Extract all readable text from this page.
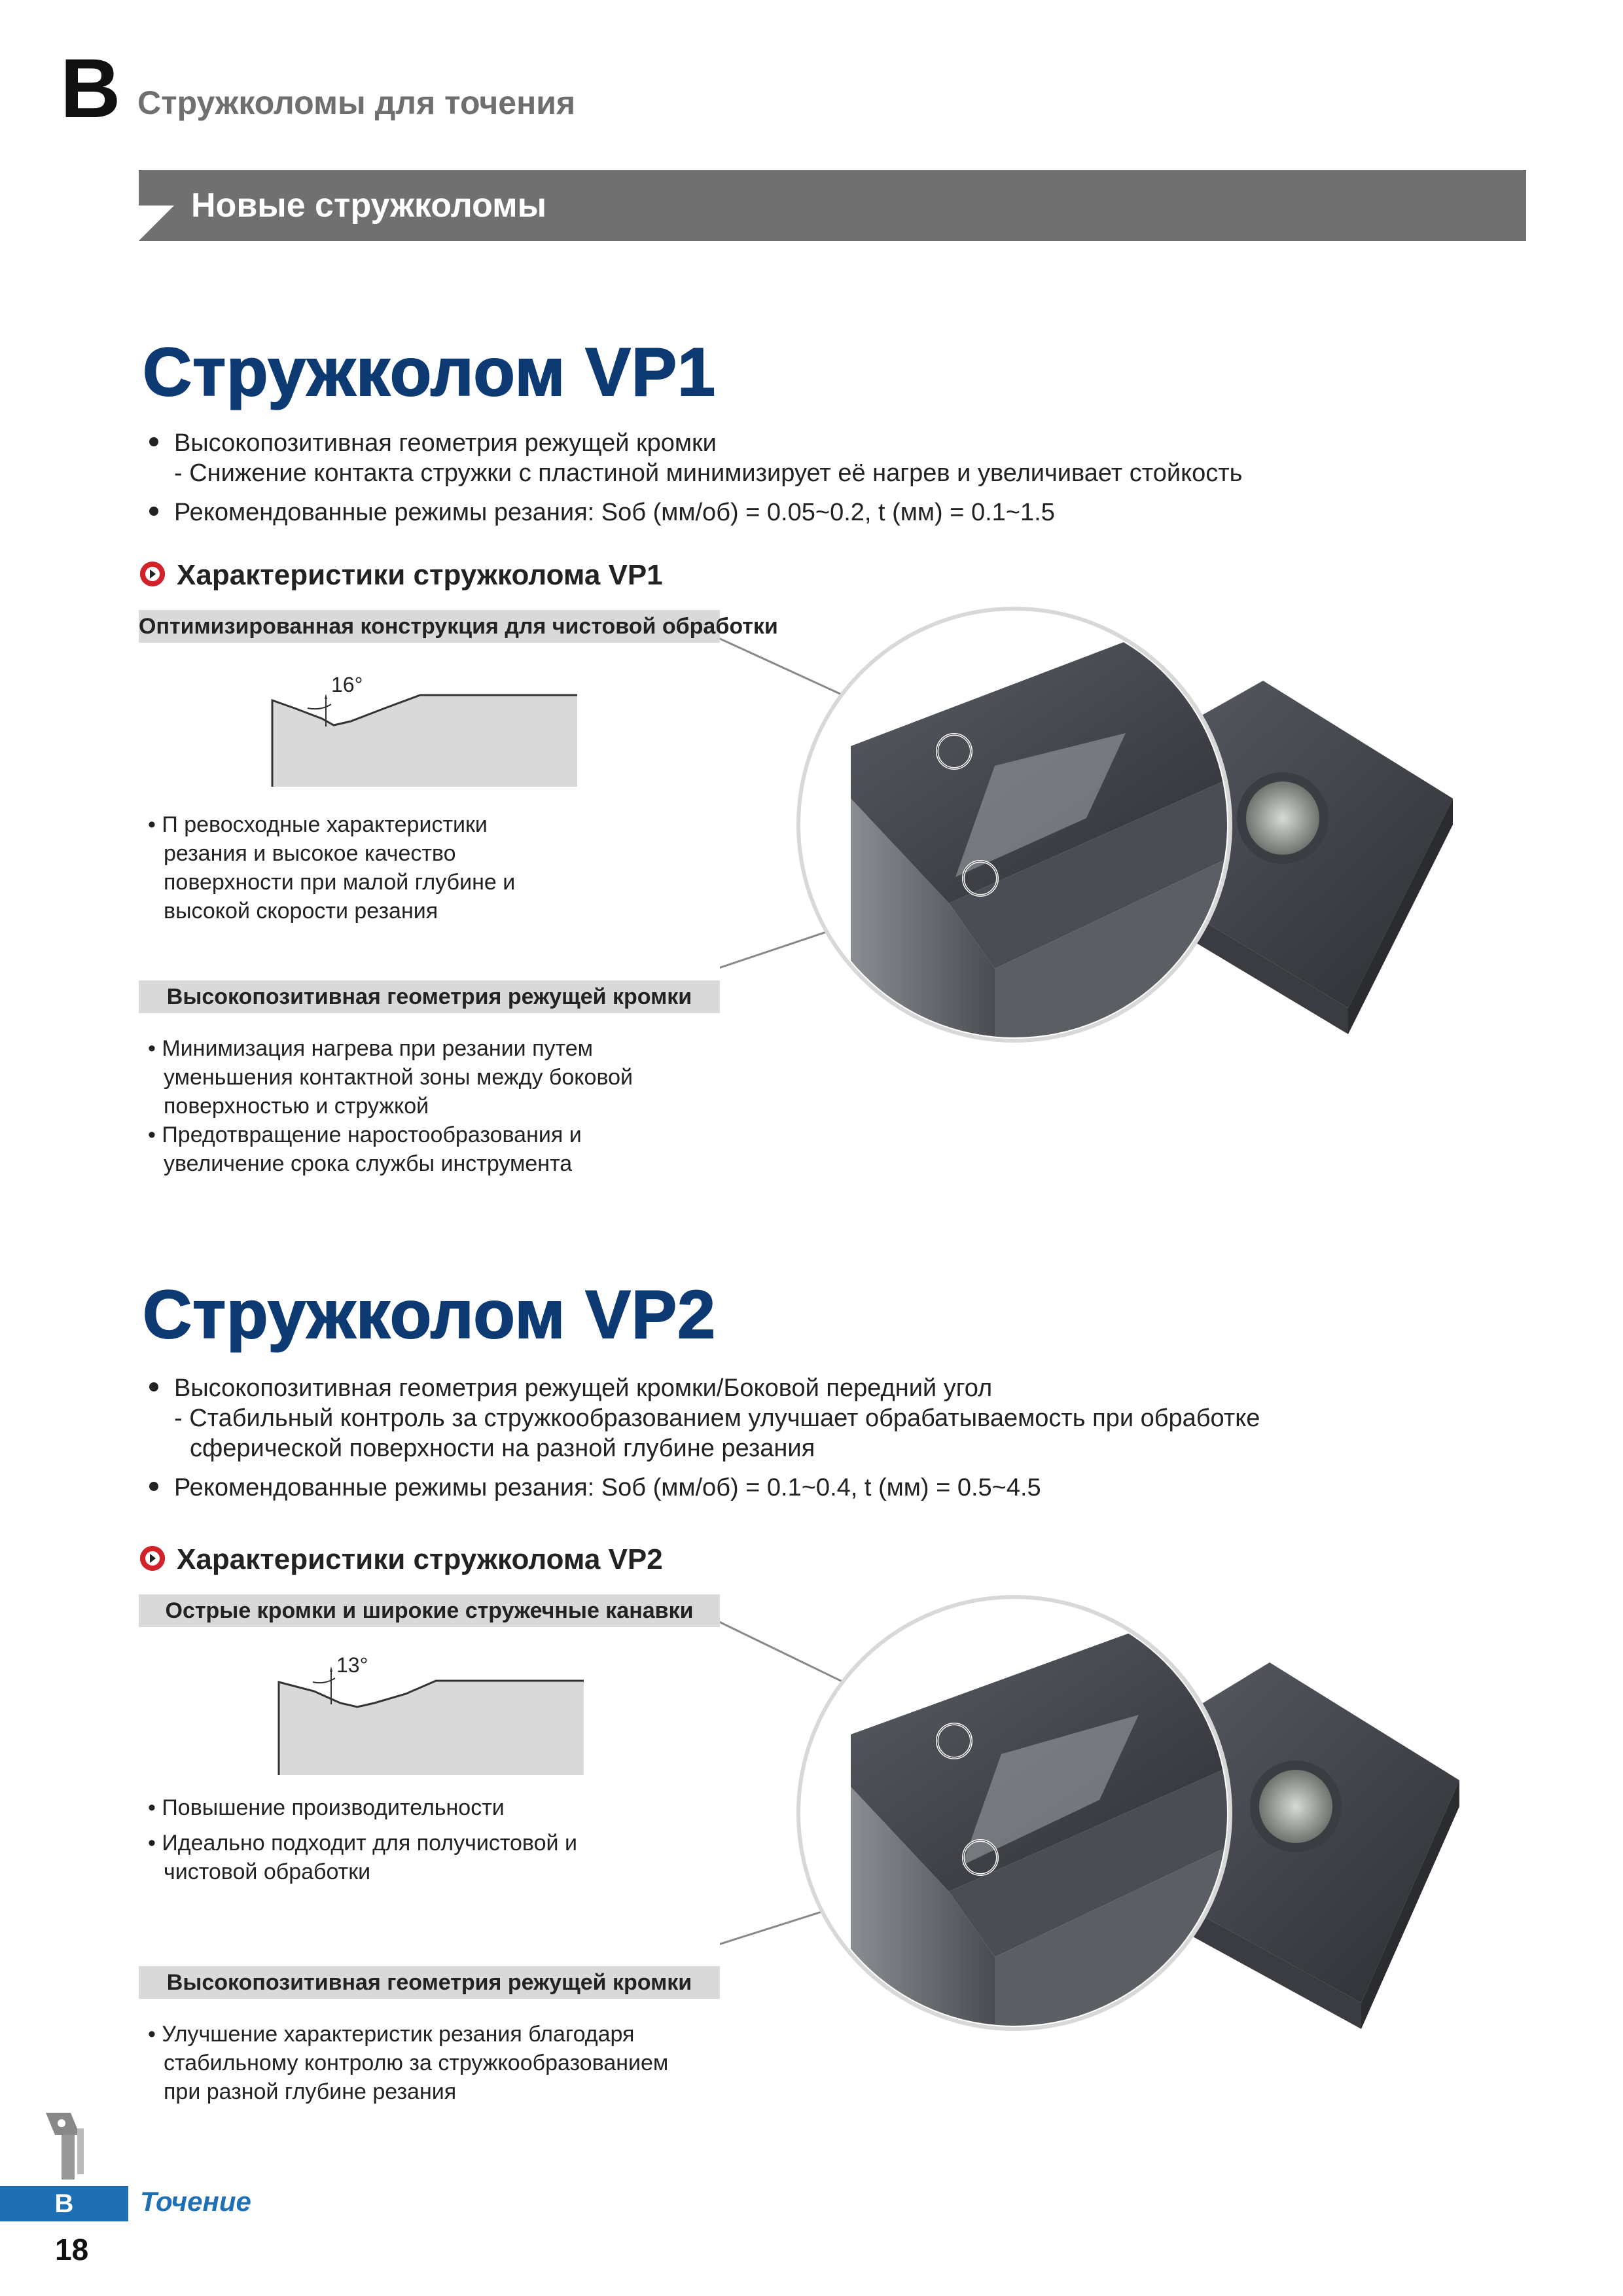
B Стружколомы для точения
Новые стружколомы
Стружколом VP1
Высокопозитивная геометрия режущей кромки
- Снижение контакта стружки с пластиной минимизирует её нагрев и увеличивает стойкость
Рекомендованные режимы резания: Sоб (мм/об) = 0.05~0.2, t (мм) = 0.1~1.5
Характеристики стружколома VP1
Оптимизированная конструкция для чистовой обработки
16°
• П ревосходные характеристики
резания и высокое качество
поверхности при малой глубине и
высокой скорости резания
Высокопозитивная геометрия режущей кромки
• Минимизация нагрева при резании путем
уменьшения контактной зоны между боковой
поверхностью и стружкой
• Предотвращение наростообразования и
увеличение срока службы инструмента
Стружколом VP2
Высокопозитивная геометрия режущей кромки/Боковой передний угол
- Стабильный контроль за стружкообразованием улучшает обрабатываемость при обработке
сферической поверхности на разной глубине резания
Рекомендованные режимы резания: Sоб (мм/об) = 0.1~0.4, t (мм) = 0.5~4.5
Характеристики стружколома VP2
Острые кромки и широкие стружечные канавки
13°
• Повышение производительности
• Идеально подходит для получистовой и
чистовой обработки
Высокопозитивная геометрия режущей кромки
• Улучшение характеристик резания благодаря
стабильному контролю за стружкообразованием
при разной глубине резания
B	Точение
18
